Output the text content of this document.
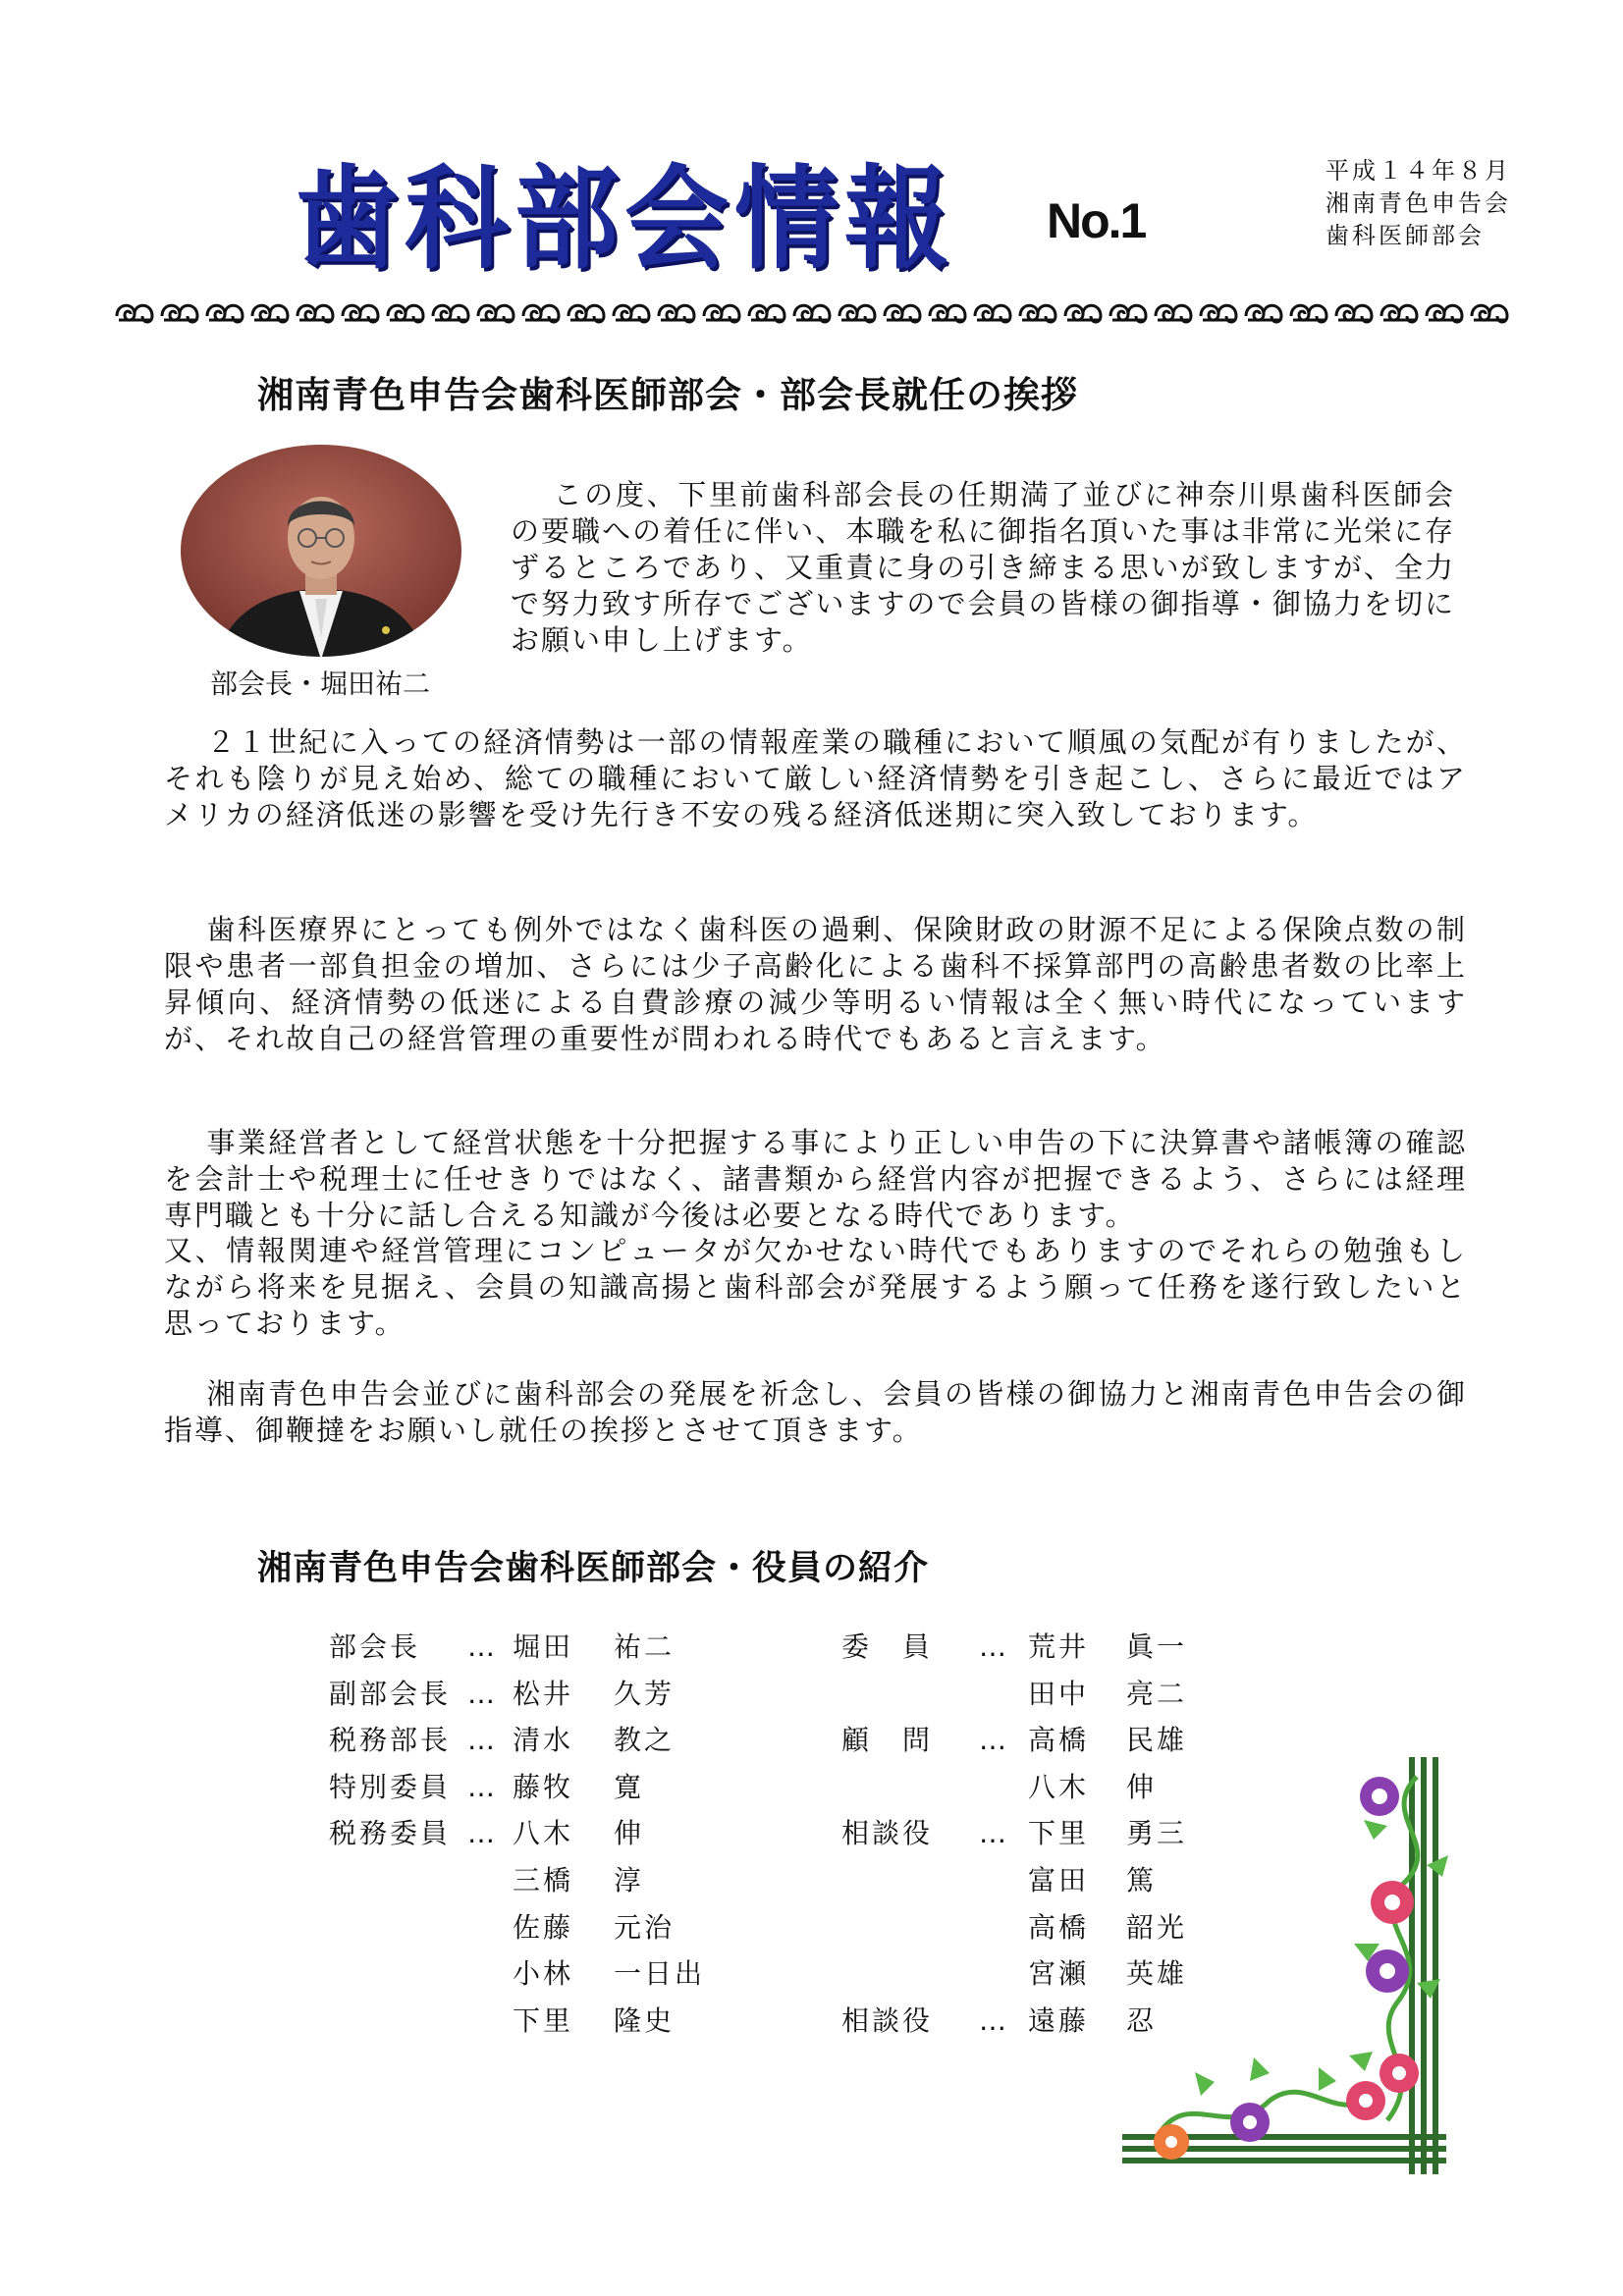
歯科部会情報 No.1
平成１４年８月
湘南青色申告会
歯科医師部会
湘南青色申告会歯科医師部会・部会長就任の挨拶
部会長・堀田祐二

この度、下里前歯科部会長の任期満了並びに神奈川県歯科医師会の要職への着任に伴い、本職を私に御指名頂いた事は非常に光栄に存ずるところであり、又重責に身の引き締まる思いが致しますが、全力で努力致す所存でございますので会員の皆様の御指導・御協力を切にお願い申し上げます。

２１世紀に入っての経済情勢は一部の情報産業の職種において順風の気配が有りましたが、それも陰りが見え始め、総ての職種において厳しい経済情勢を引き起こし、さらに最近ではアメリカの経済低迷の影響を受け先行き不安の残る経済低迷期に突入致しております。

歯科医療界にとっても例外ではなく歯科医の過剰、保険財政の財源不足による保険点数の制限や患者一部負担金の増加、さらには少子高齢化による歯科不採算部門の高齢患者数の比率上昇傾向、経済情勢の低迷による自費診療の減少等明るい情報は全く無い時代になっていますが、それ故自己の経営管理の重要性が問われる時代でもあると言えます。

事業経営者として経営状態を十分把握する事により正しい申告の下に決算書や諸帳簿の確認を会計士や税理士に任せきりではなく、諸書類から経営内容が把握できるよう、さらには経理専門職とも十分に話し合える知識が今後は必要となる時代であります。

又、情報関連や経営管理にコンピュータが欠かせない時代でもありますのでそれらの勉強もしながら将来を見据え、会員の知識高揚と歯科部会が発展するよう願って任務を遂行致したいと思っております。

湘南青色申告会並びに歯科部会の発展を祈念し、会員の皆様の御協力と湘南青色申告会の御指導、御鞭撻をお願いし就任の挨拶とさせて頂きます。

湘南青色申告会歯科医師部会・役員の紹介
部会長 … 堀田 祐二
副部会長 … 松井 久芳
税務部長 … 清水 教之
特別委員 … 藤牧 寛
税務委員 … 八木 伸
三橋 淳
佐藤 元治
小林 一日出
下里 隆史
委　員 … 荒井 眞一
田中 亮二
顧　問 … 高橋 民雄
八木 伸
相談役 … 下里 勇三
富田 篤
高橋 韶光
宮瀬 英雄
相談役 … 遠藤 忍
